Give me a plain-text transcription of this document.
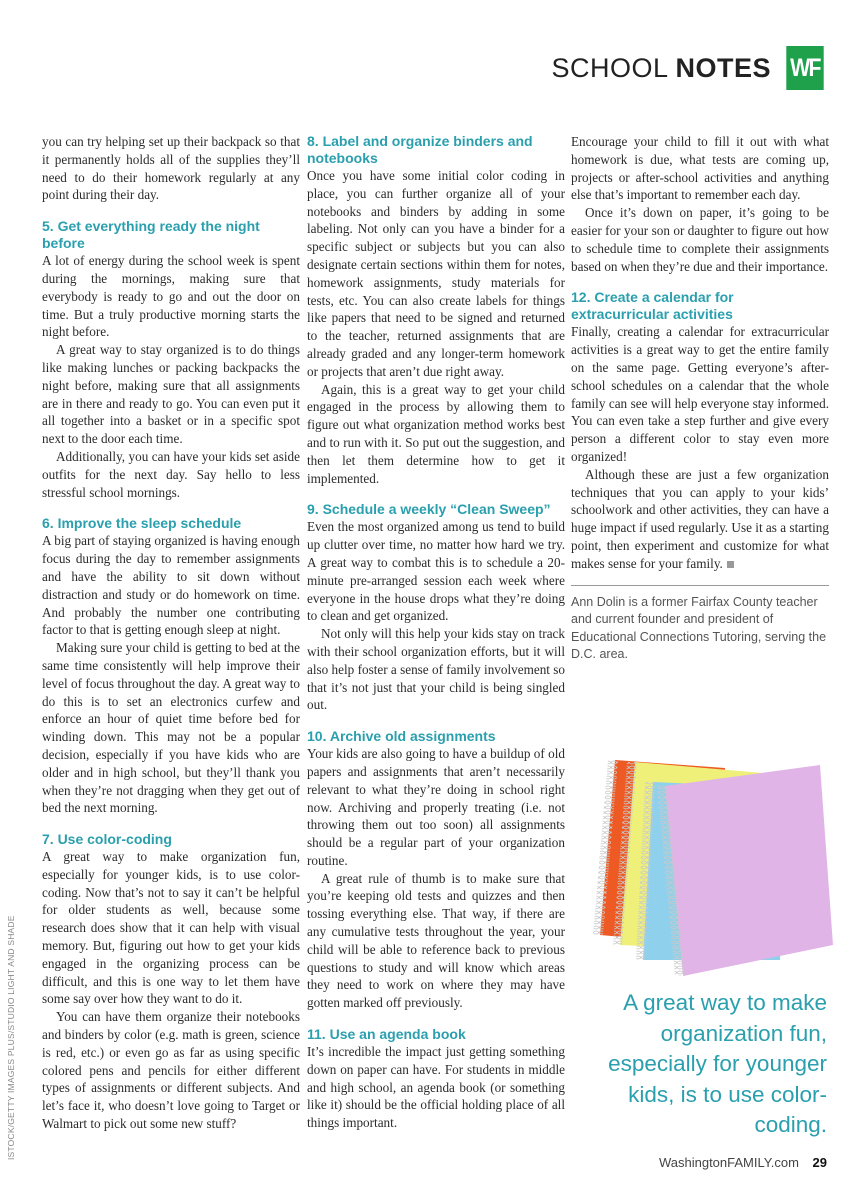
SCHOOL NOTES WF

you can try helping set up their backpack so that it permanently holds all of the supplies they’ll need to do their homework regularly at any point during their day.

5. Get everything ready the night before

A lot of energy during the school week is spent during the mornings, making sure that everybody is ready to go and out the door on time. But a truly productive morning starts the night before.

A great way to stay organized is to do things like making lunches or packing backpacks the night before, making sure that all assignments are in there and ready to go. You can even put it all together into a basket or in a specific spot next to the door each time.

Additionally, you can have your kids set aside outfits for the next day. Say hello to less stressful school mornings.

6. Improve the sleep schedule

A big part of staying organized is having enough focus during the day to remember assignments and have the ability to sit down without distraction and study or do homework on time. And probably the number one contributing factor to that is getting enough sleep at night.

Making sure your child is getting to bed at the same time consistently will help improve their level of focus throughout the day. A great way to do this is to set an electronics curfew and enforce an hour of quiet time before bed for winding down. This may not be a popular decision, especially if you have kids who are older and in high school, but they’ll thank you when they’re not dragging when they get out of bed the next morning.

7. Use color-coding

A great way to make organization fun, especially for younger kids, is to use color-coding. Now that’s not to say it can’t be helpful for older students as well, because some research does show that it can help with visual memory. But, figuring out how to get your kids engaged in the organizing process can be difficult, and this is one way to let them have some say over how they want to do it.

You can have them organize their notebooks and binders by color (e.g. math is green, science is red, etc.) or even go as far as using specific colored pens and pencils for either different types of assignments or different subjects. And let’s face it, who doesn’t love going to Target or Walmart to pick out some new stuff?

8. Label and organize binders and notebooks

Once you have some initial color coding in place, you can further organize all of your notebooks and binders by adding in some labeling. Not only can you have a binder for a specific subject or subjects but you can also designate certain sections within them for notes, homework assignments, study materials for tests, etc. You can also create labels for things like papers that need to be signed and returned to the teacher, returned assignments that are already graded and any longer-term homework or projects that aren’t due right away.

Again, this is a great way to get your child engaged in the process by allowing them to figure out what organization method works best and to run with it. So put out the suggestion, and then let them determine how to get it implemented.

9. Schedule a weekly “Clean Sweep”

Even the most organized among us tend to build up clutter over time, no matter how hard we try. A great way to combat this is to schedule a 20-minute pre-arranged session each week where everyone in the house drops what they’re doing to clean and get organized.

Not only will this help your kids stay on track with their school organization efforts, but it will also help foster a sense of family involvement so that it’s not just that your child is being singled out.

10. Archive old assignments

Your kids are also going to have a buildup of old papers and assignments that aren’t necessarily relevant to what they’re doing in school right now. Archiving and properly treating (i.e. not throwing them out too soon) all assignments should be a regular part of your organization routine.

A great rule of thumb is to make sure that you’re keeping old tests and quizzes and then tossing everything else. That way, if there are any cumulative tests throughout the year, your child will be able to reference back to previous questions to study and will know which areas they need to work on where they may have gotten marked off previously.

11. Use an agenda book

It’s incredible the impact just getting something down on paper can have. For students in middle and high school, an agenda book (or something like it) should be the official holding place of all things important.

Encourage your child to fill it out with what homework is due, what tests are coming up, projects or after-school activities and anything else that’s important to remember each day.

Once it’s down on paper, it’s going to be easier for your son or daughter to figure out how to schedule time to complete their assignments based on when they’re due and their importance.

12. Create a calendar for extracurricular activities

Finally, creating a calendar for extracurricular activities is a great way to get the entire family on the same page. Getting everyone’s after-school schedules on a calendar that the whole family can see will help everyone stay informed. You can even take a step further and give every person a different color to stay even more organized!

Although these are just a few organization techniques that you can apply to your kids’ schoolwork and other activities, they can have a huge impact if used regularly. Use it as a starting point, then experiment and customize for what makes sense for your family.

Ann Dolin is a former Fairfax County teacher and current founder and president of Educational Connections Tutoring, serving the D.C. area.
ISTOCK/GETTY IMAGES PLUS/STUDIO LIGHT AND SHADE	A great way to make organization fun, especially for younger kids, is to use color-coding.
WashingtonFAMILY.com 29
